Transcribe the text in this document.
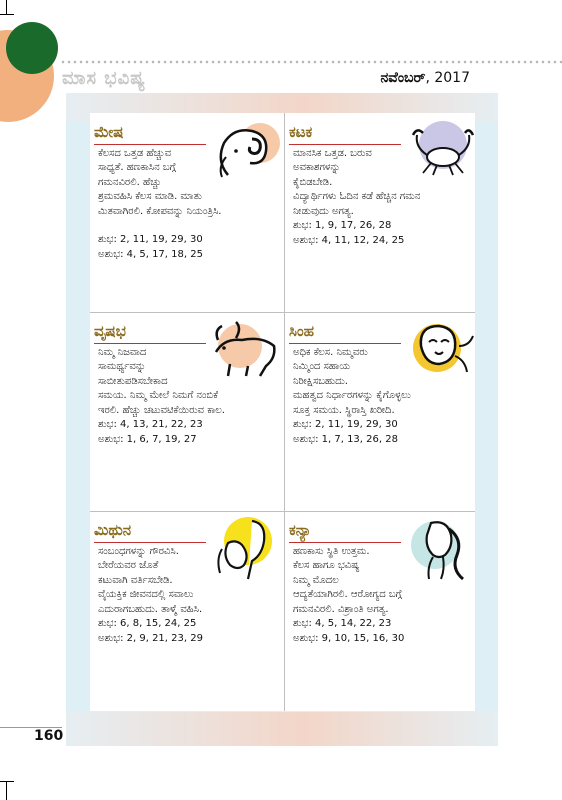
ಮಾಸ ಭವಿಷ್ಯ	ನವೆಂಬರ್, 2017
ಮೇಷ
ಕೆಲಸದ ಒತ್ತಡ ಹೆಚ್ಚುವ
ಸಾಧ್ಯತೆ. ಹಣಕಾಸಿನ ಬಗ್ಗೆ
ಗಮನವಿರಲಿ. ಹೆಚ್ಚು
ಶ್ರಮವಹಿಸಿ ಕೆಲಸ ಮಾಡಿ. ಮಾತು
ಮಿತವಾಗಿರಲಿ. ಕೋಪವನ್ನು ನಿಯಂತ್ರಿಸಿ.
ಶುಭ: 2, 11, 19, 29, 30
ಅಶುಭ: 4, 5, 17, 18, 25
ಕಟಕ
ಮಾನಸಿಕ ಒತ್ತಡ. ಬರುವ
ಅವಕಾಶಗಳನ್ನು
ಕೈಬಿಡಬೇಡಿ.
ವಿದ್ಯಾರ್ಥಿಗಳು ಓದಿನ ಕಡೆ ಹೆಚ್ಚಿನ ಗಮನ
ನೀಡುವುದು ಅಗತ್ಯ.
ಶುಭ: 1, 9, 17, 26, 28
ಅಶುಭ: 4, 11, 12, 24, 25
ವೃಷಭ
ನಿಮ್ಮ ನಿಜವಾದ
ಸಾಮರ್ಥ್ಯವನ್ನು
ಸಾಬೀತುಪಡಿಸಬೇಕಾದ
ಸಮಯ. ನಿಮ್ಮ ಮೇಲೆ ನಿಮಗೆ ನಂಬಿಕೆ
ಇರಲಿ. ಹೆಚ್ಚು ಚಟುವಟಿಕೆಯಿರುವ ಕಾಲ.
ಶುಭ: 4, 13, 21, 22, 23
ಅಶುಭ: 1, 6, 7, 19, 27
ಸಿಂಹ
ಅಧಿಕ ಕೆಲಸ. ನಿಮ್ಮವರು
ನಿಮ್ಮಿಂದ ಸಹಾಯ
ನಿರೀಕ್ಷಿಸಬಹುದು.
ಮಹತ್ವದ ನಿರ್ಧಾರಗಳನ್ನು ಕೈಗೊಳ್ಳಲು
ಸೂಕ್ತ ಸಮಯ. ಸ್ಥಿರಾಸ್ತಿ ಖರೀದಿ.
ಶುಭ: 2, 11, 19, 29, 30
ಅಶುಭ: 1, 7, 13, 26, 28
ಮಿಥುನ
ಸಂಬಂಧಗಳನ್ನು ಗೌರವಿಸಿ.
ಬೇರೆಯವರ ಜೊತೆ
ಕಟುವಾಗಿ ವರ್ತಿಸಬೇಡಿ.
ವೈಯಕ್ತಿಕ ಜೀವನದಲ್ಲಿ ಸವಾಲು
ಎದುರಾಗಬಹುದು. ತಾಳ್ಮೆ ವಹಿಸಿ.
ಶುಭ: 6, 8, 15, 24, 25
ಅಶುಭ: 2, 9, 21, 23, 29
ಕನ್ಯಾ
ಹಣಕಾಸು ಸ್ಥಿತಿ ಉತ್ತಮ.
ಕೆಲಸ ಹಾಗೂ ಭವಿಷ್ಯ
ನಿಮ್ಮ ಮೊದಲ
ಆದ್ಯತೆಯಾಗಿರಲಿ. ಆರೋಗ್ಯದ ಬಗ್ಗೆ
ಗಮನವಿರಲಿ. ವಿಶ್ರಾಂತಿ ಅಗತ್ಯ.
ಶುಭ: 4, 5, 14, 22, 23
ಅಶುಭ: 9, 10, 15, 16, 30
160
